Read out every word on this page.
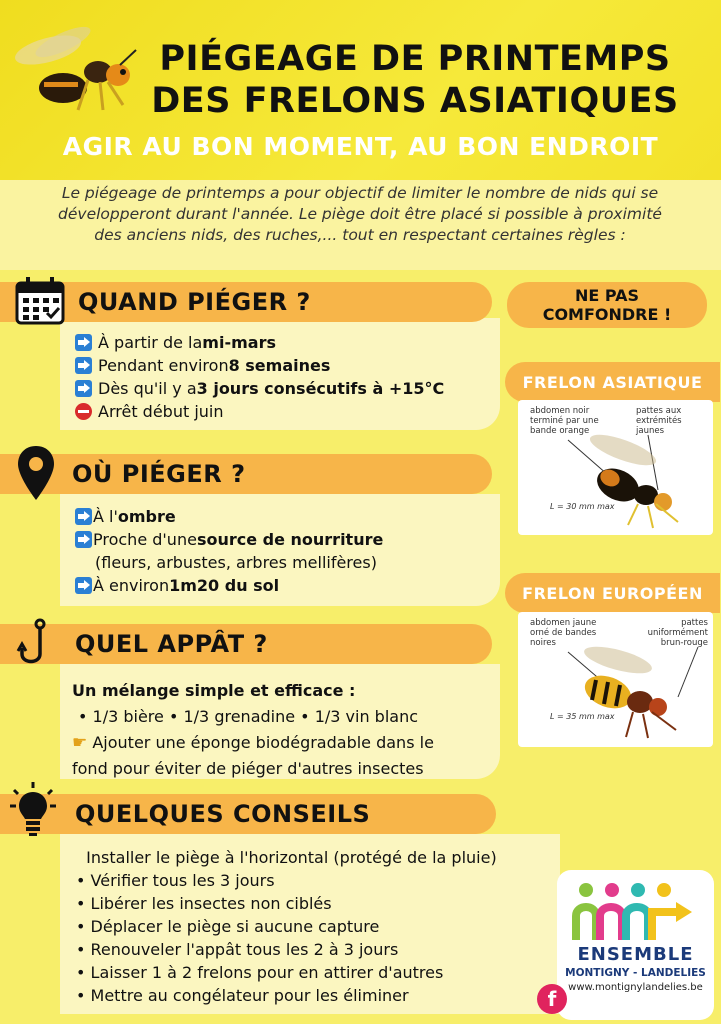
PIÉGEAGE DE PRINTEMPS
DES FRELONS ASIATIQUES
AGIR AU BON MOMENT, AU BON ENDROIT
Le piégeage de printemps a pour objectif de limiter le nombre de nids qui se
développeront durant l'année. Le piège doit être placé si possible à proximité
des anciens nids, des ruches,... tout en respectant certaines règles :
QUAND PIÉGER ?
À partir de la mi-mars
Pendant environ 8 semaines
Dès qu'il y a 3 jours consécutifs à +15°C
Arrêt début juin
OÙ PIÉGER ?
À l' ombre
Proche d'une source de nourriture
(fleurs, arbustes, arbres mellifères)
À environ 1m20 du sol
QUEL APPÂT ?
Un mélange simple et efficace :
• 1/3 bière • 1/3 grenadine • 1/3 vin blanc
☛ Ajouter une éponge biodégradable dans le
fond pour éviter de piéger d'autres insectes
QUELQUES CONSEILS
Installer le piège à l'horizontal (protégé de la pluie)
• Vérifier tous les 3 jours
• Libérer les insectes non ciblés
• Déplacer le piège si aucune capture
• Renouveler l'appât tous les 2 à 3 jours
• Laisser 1 à 2 frelons pour en attirer d'autres
• Mettre au congélateur pour les éliminer
NE PAS
COMFONDRE !
FRELON ASIATIQUE
abdomen noir terminé par une bande orange
pattes aux extrémités jaunes
L = 30 mm max
FRELON EUROPÉEN
abdomen jaune orné de bandes noires
pattes uniformément brun-rouge
L = 35 mm max
ENSEMBLE
MONTIGNY - LANDELIES
www.montignylandelies.be
f
